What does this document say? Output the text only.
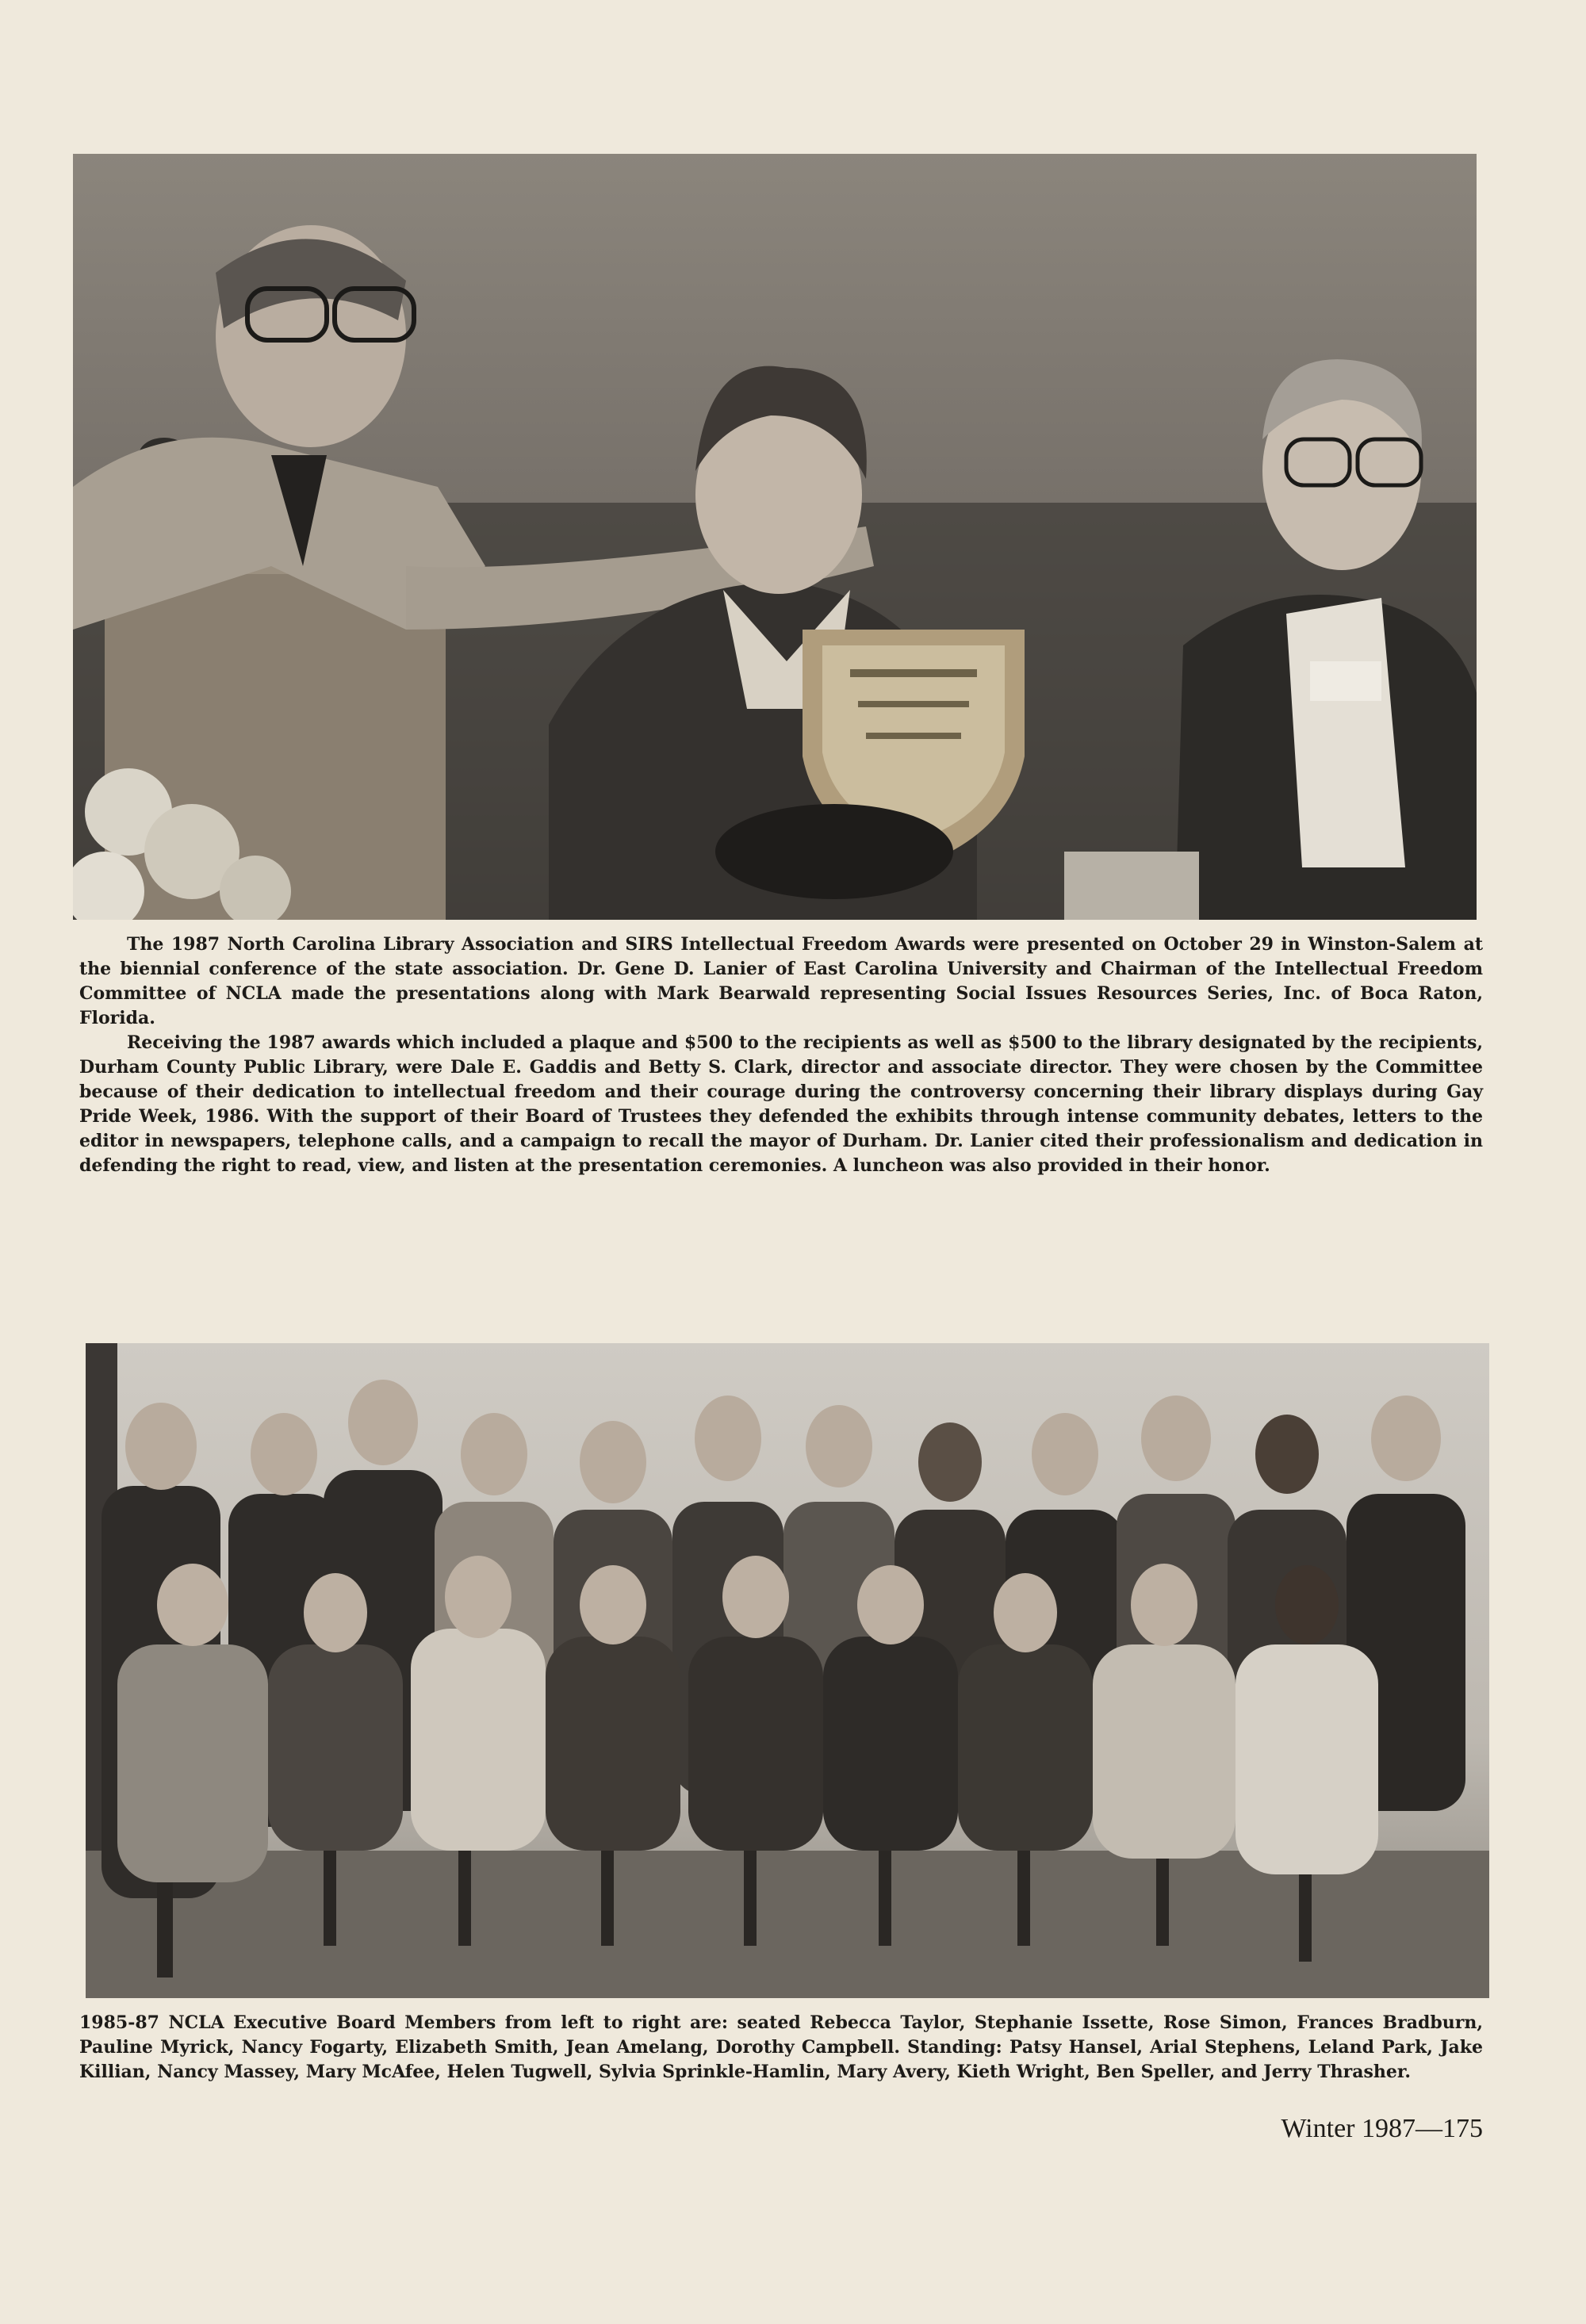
The 1987 North Carolina Library Association and SIRS Intellectual Freedom Awards were presented on October 29 in Winston-Salem at the biennial conference of the state association. Dr. Gene D. Lanier of East Carolina University and Chairman of the Intellectual Freedom Committee of NCLA made the presentations along with Mark Bearwald representing Social Issues Resources Series, Inc. of Boca Raton, Florida.

Receiving the 1987 awards which included a plaque and $500 to the recipients as well as $500 to the library designated by the recipients, Durham County Public Library, were Dale E. Gaddis and Betty S. Clark, director and associate director. They were chosen by the Committee because of their dedication to intellectual freedom and their courage during the controversy concerning their library displays during Gay Pride Week, 1986. With the support of their Board of Trustees they defended the exhibits through intense community debates, letters to the editor in newspapers, telephone calls, and a campaign to recall the mayor of Durham. Dr. Lanier cited their professionalism and dedication in defending the right to read, view, and listen at the presentation ceremonies. A luncheon was also provided in their honor.

1985-87 NCLA Executive Board Members from left to right are: seated Rebecca Taylor, Stephanie Issette, Rose Simon, Frances Bradburn, Pauline Myrick, Nancy Fogarty, Elizabeth Smith, Jean Amelang, Dorothy Campbell. Standing: Patsy Hansel, Arial Stephens, Leland Park, Jake Killian, Nancy Massey, Mary McAfee, Helen Tugwell, Sylvia Sprinkle-Hamlin, Mary Avery, Kieth Wright, Ben Speller, and Jerry Thrasher.

Winter 1987—175
